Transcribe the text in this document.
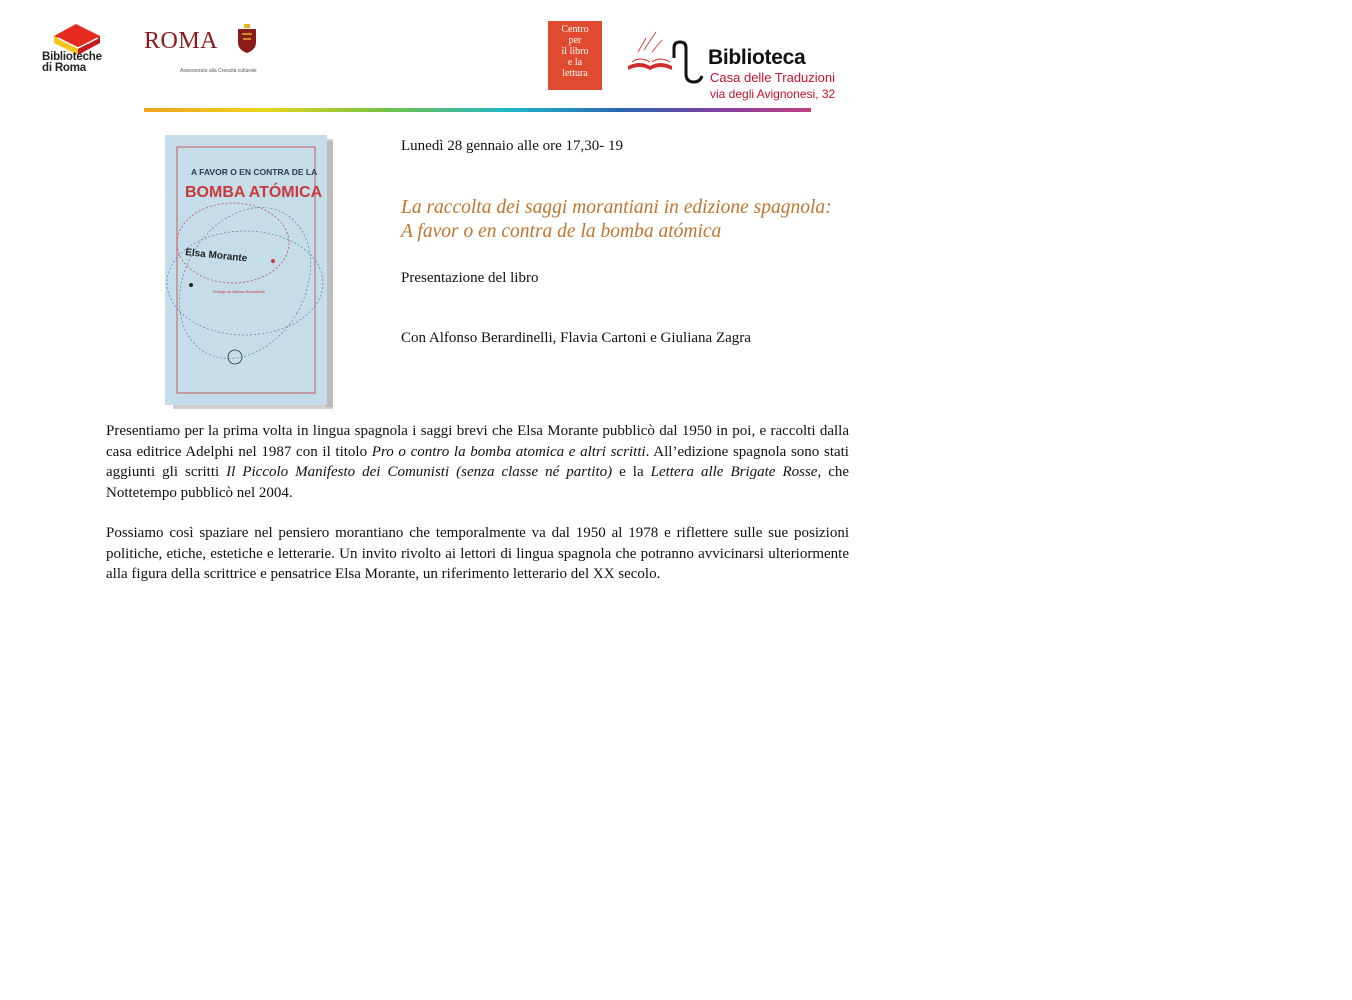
Biblioteche
di Roma
ROMA
Assessorato alla Crescita culturale
Centro
per
il libro
e la
lettura
Biblioteca
Casa delle Traduzioni
via degli Avignonesi, 32
A FAVOR O EN CONTRA DE LA
BOMBA ATÓMICA
Elsa Morante
Prólogo de Alfonso Berardinelli
Lunedì 28 gennaio alle ore 17,30- 19
La raccolta dei saggi morantiani in edizione spagnola:
A favor o en contra de la bomba atómica
Presentazione del libro
Con Alfonso Berardinelli, Flavia Cartoni e Giuliana Zagra
Presentiamo per la prima volta in lingua spagnola i saggi brevi che Elsa Morante pubblicò dal 1950 in poi, e raccolti dalla casa editrice Adelphi nel 1987 con il titolo Pro o contro la bomba atomica e altri scritti. All’edizione spagnola sono stati aggiunti gli scritti Il Piccolo Manifesto dei Comunisti (senza classe né partito) e la Lettera alle Brigate Rosse, che Nottetempo pubblicò nel 2004.
Possiamo così spaziare nel pensiero morantiano che temporalmente va dal 1950 al 1978 e riflettere sulle sue posizioni politiche, etiche, estetiche e letterarie. Un invito rivolto ai lettori di lingua spagnola che potranno avvicinarsi ulteriormente alla figura della scrittrice e pensatrice Elsa Morante, un riferimento letterario del XX secolo.
